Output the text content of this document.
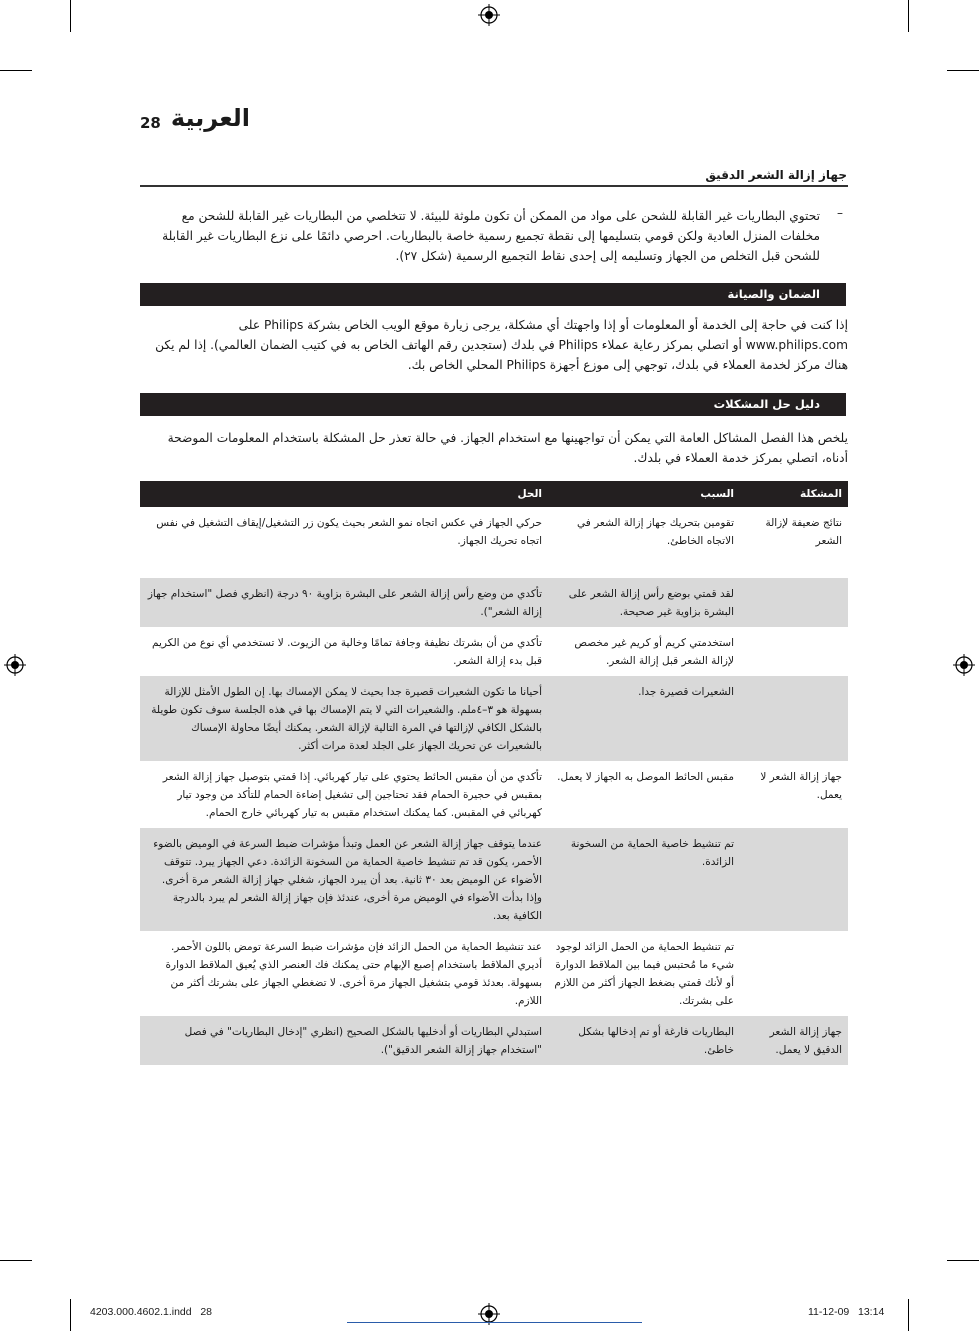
28 العربية
جهاز إزالة الشعر الدقيق
تحتوي البطاريات غير القابلة للشحن على مواد من الممكن أن تكون ملوثة للبيئة. لا تتخلصي من البطاريات غير القابلة للشحن مع
مخلفات المنزل العادية ولكن قومي بتسليمها إلى نقطة تجميع رسمية خاصة بالبطاريات. احرصي دائمًا على نزع البطاريات غير القابلة
للشحن قبل التخلص من الجهاز وتسليمه إلى إحدى نقاط التجميع الرسمية (شكل ٢٧).
–
الضمان والصيانة
إذا كنت في حاجة إلى الخدمة أو المعلومات أو إذا واجهتك أي مشكلة، يرجى زيارة موقع الويب الخاص بشركة Philips على
www.philips.com أو اتصلي بمركز رعاية عملاء Philips في بلدك (ستجدين رقم الهاتف الخاص به في كتيب الضمان العالمي). إذا لم يكن
هناك مركز لخدمة العملاء في بلدك، توجهي إلى موزع أجهزة Philips المحلي الخاص بك.
دليل حل المشكلات
يلخص هذا الفصل المشاكل العامة التي يمكن أن تواجهينها مع استخدام الجهاز. في حالة تعذر حل المشكلة باستخدام المعلومات الموضحة
أدناه، اتصلي بمركز خدمة العملاء في بلدك.
المشكلة	السبب	الحل
نتائج ضعيفة لإزالة الشعر	تقومين بتحريك جهاز إزالة الشعر في الاتجاه الخاطئ.	حركي الجهاز في عكس اتجاه نمو الشعر بحيث يكون زر التشغيل/إيقاف التشغيل في نفس اتجاه تحريك الجهاز.
	لقد قمتي بوضع رأس إزالة الشعر على البشرة بزاوية غير صحيحة.	تأكدي من وضع رأس إزالة الشعر على البشرة بزاوية ٩٠ درجة (انظري فصل "استخدام جهاز إزالة الشعر").
	استخدمتي كريم أو كريم غير مخصص لإزالة الشعر قبل إزالة الشعر.	تأكدي من أن بشرتك نظيفة وجافة تمامًا وخالية من الزيوت. لا تستخدمي أي نوع من الكريم قبل بدء إزالة الشعر.
	الشعيرات قصيرة جدا.	أحيانا ما تكون الشعيرات قصيرة جدا بحيث لا يمكن الإمساك بها. إن الطول الأمثل للإزالة بسهولة هو ٣–٤ملم. والشعيرات التي لا يتم الإمساك بها في هذه الجلسة سوف تكون طويلة بالشكل الكافي لإزالتها في المرة التالية لإزالة الشعر. يمكنك أيضًا محاولة الإمساك بالشعيرات عن تحريك الجهاز على الجلد لعدة مرات أكثر.
جهاز إزالة الشعر لا يعمل.	مقبس الحائط الموصل به الجهاز لا يعمل.	تأكدي من أن مقبس الحائط يحتوي على تيار كهربائي. إذا قمتي بتوصيل جهاز إزالة الشعر بمقبس في حجيرة الحمام فقد تحتاجين إلى تشغيل إضاءة الحمام للتأكد من وجود تيار كهربائي في المقبس. كما يمكنك استخدام مقبس به تيار كهربائي خارج الحمام.
	تم تنشيط خاصية الحماية من السخونة الزائدة.	عندما يتوقف جهاز إزالة الشعر عن العمل وتبدأ مؤشرات ضبط السرعة في الوميض بالضوء الأحمر، يكون قد تم تنشيط خاصية الحماية من السخونة الزائدة. دعي الجهاز يبرد. تتوقف الأضواء عن الوميض بعد ٣٠ ثانية. بعد أن يبرد الجهاز، شغلي جهاز إزالة الشعر مرة أخرى. وإذا بدأت الأضواء في الوميض مرة أخرى، عندئذ فإن جهاز إزالة الشعر لم يبرد بالدرجة الكافية بعد.
	تم تنشيط الحماية من الحمل الزائد لوجود شيء ما مُحتبس فيما بين الملاقط الدوارة أو لأنك قمتي بضغط الجهاز أكثر من اللازم على بشرتك.	عند تنشيط الحماية من الحمل الزائد فإن مؤشرات ضبط السرعة تومض باللون الأحمر. أديري الملاقط باستخدام إصبع الإبهام حتى يمكنك فك العنصر الذي يُعيق الملاقط الدوارة بسهولة. بعدئذ قومي بتشغيل الجهاز مرة أخرى. لا تضغطي الجهاز على بشرتك أكثر من اللازم.
جهاز إزالة الشعر الدقيق لا يعمل.	البطاريات فارغة أو تم إدخالها بشكل خاطئ.	استبدلي البطاريات أو أدخليها بالشكل الصحيح (انظري "إدخال البطاريات" في فصل "استخدام جهاز إزالة الشعر الدقيق").
4203.000.4602.1.indd   28	11-12-09   13:14
